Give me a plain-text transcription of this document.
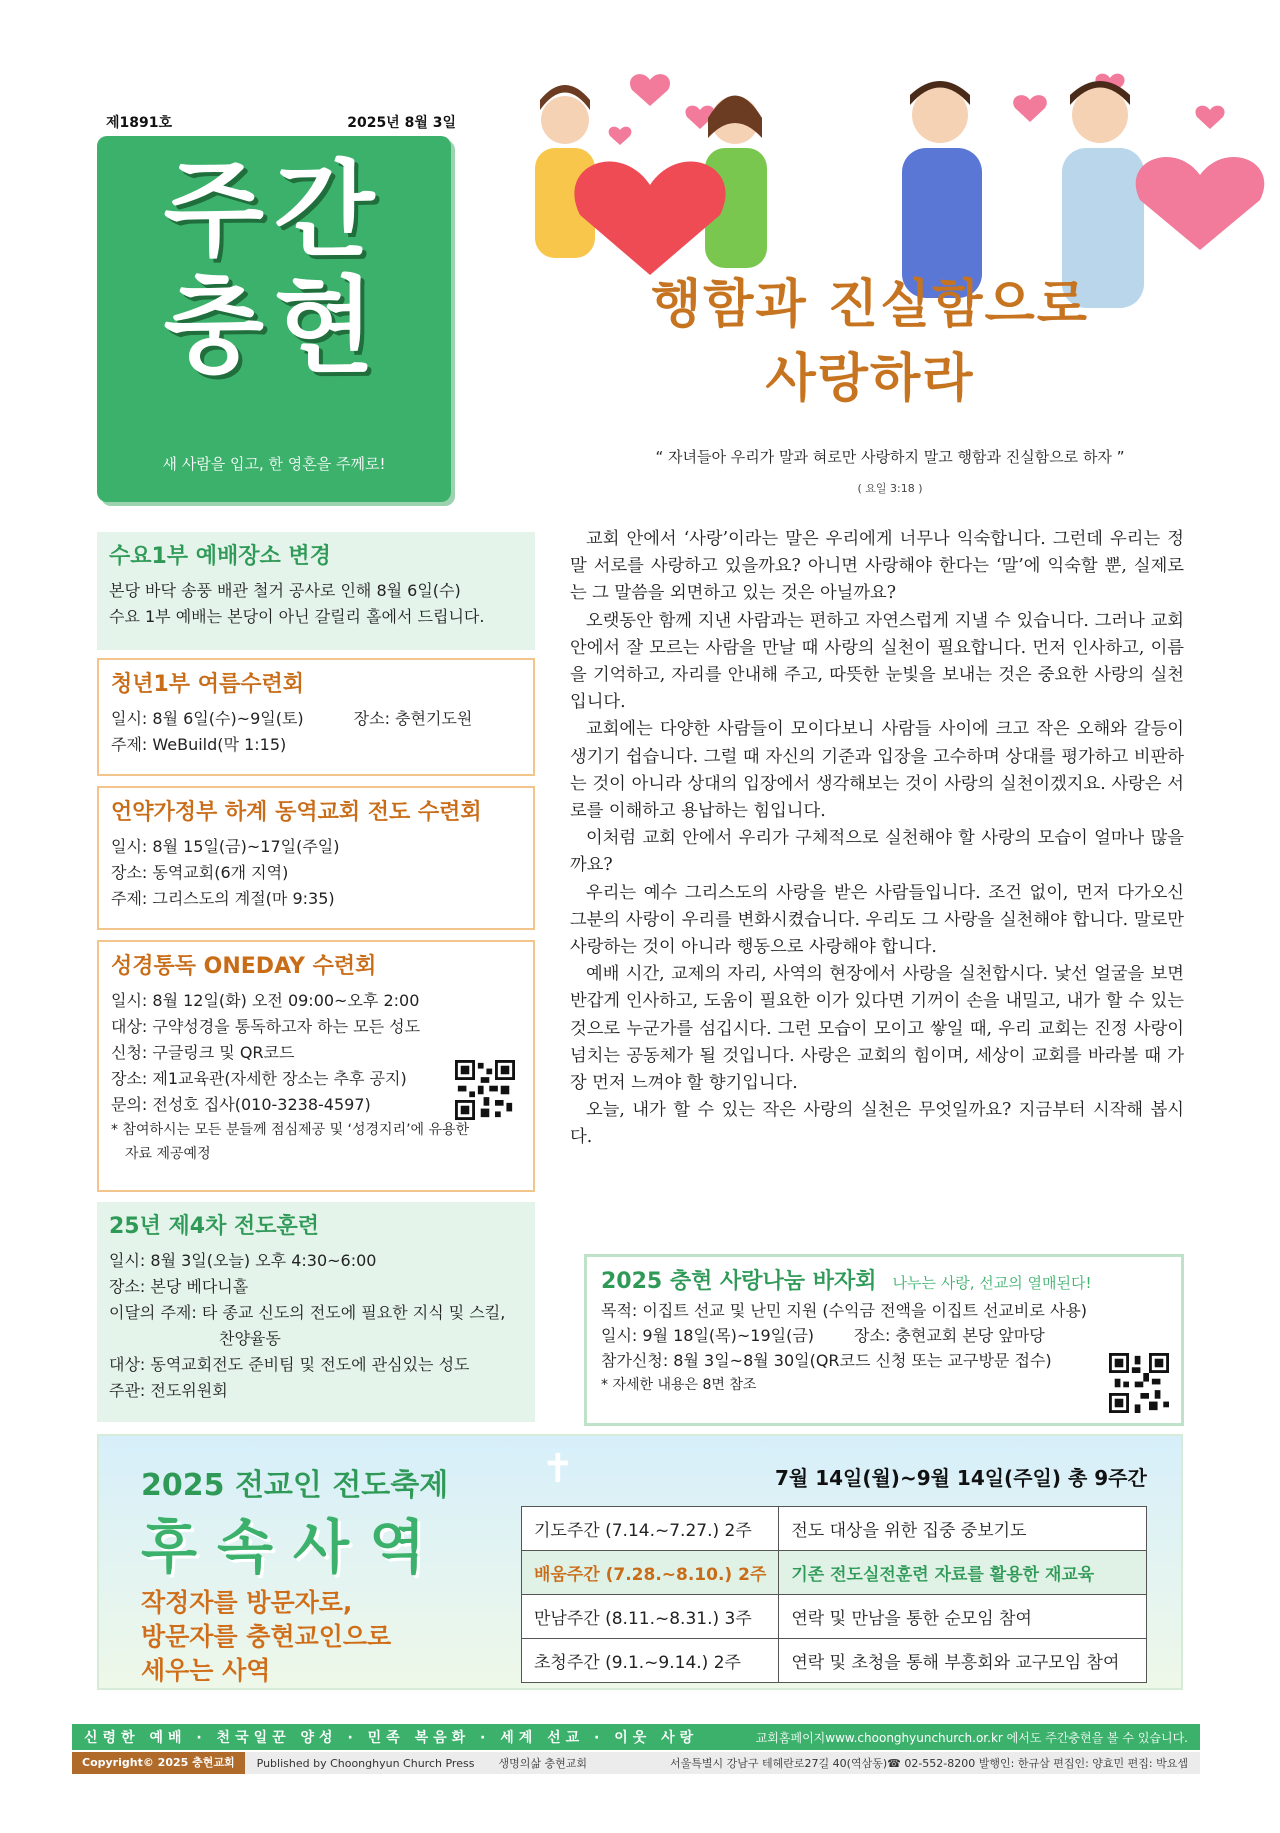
제1891호	2025년 8월 3일
주간
충현
새 사람을 입고, 한 영혼을 주께로!
행함과 진실함으로
사랑하라
“ 자녀들아 우리가 말과 혀로만 사랑하지 말고 행함과 진실함으로 하자 ”
( 요일 3:18 )

교회 안에서 ‘사랑’이라는 말은 우리에게 너무나 익숙합니다. 그런데 우리는 정말 서로를 사랑하고 있을까요? 아니면 사랑해야 한다는 ‘말’에 익숙할 뿐, 실제로는 그 말씀을 외면하고 있는 것은 아닐까요?

오랫동안 함께 지낸 사람과는 편하고 자연스럽게 지낼 수 있습니다. 그러나 교회 안에서 잘 모르는 사람을 만날 때 사랑의 실천이 필요합니다. 먼저 인사하고, 이름을 기억하고, 자리를 안내해 주고, 따뜻한 눈빛을 보내는 것은 중요한 사랑의 실천입니다.

교회에는 다양한 사람들이 모이다보니 사람들 사이에 크고 작은 오해와 갈등이 생기기 쉽습니다. 그럴 때 자신의 기준과 입장을 고수하며 상대를 평가하고 비판하는 것이 아니라 상대의 입장에서 생각해보는 것이 사랑의 실천이겠지요. 사랑은 서로를 이해하고 용납하는 힘입니다.

이처럼 교회 안에서 우리가 구체적으로 실천해야 할 사랑의 모습이 얼마나 많을까요?

우리는 예수 그리스도의 사랑을 받은 사람들입니다. 조건 없이, 먼저 다가오신 그분의 사랑이 우리를 변화시켰습니다. 우리도 그 사랑을 실천해야 합니다. 말로만 사랑하는 것이 아니라 행동으로 사랑해야 합니다.

예배 시간, 교제의 자리, 사역의 현장에서 사랑을 실천합시다. 낯선 얼굴을 보면 반갑게 인사하고, 도움이 필요한 이가 있다면 기꺼이 손을 내밀고, 내가 할 수 있는 것으로 누군가를 섬깁시다. 그런 모습이 모이고 쌓일 때, 우리 교회는 진정 사랑이 넘치는 공동체가 될 것입니다. 사랑은 교회의 힘이며, 세상이 교회를 바라볼 때 가장 먼저 느껴야 할 향기입니다.

오늘, 내가 할 수 있는 작은 사랑의 실천은 무엇일까요? 지금부터 시작해 봅시다.

수요1부 예배장소 변경
본당 바닥 송풍 배관 철거 공사로 인해 8월 6일(수)
수요 1부 예배는 본당이 아닌 갈릴리 홀에서 드립니다.
청년1부 여름수련회
일시: 8월 6일(수)~9일(토)	장소: 충현기도원
주제: WeBuild(막 1:15)
언약가정부 하계 동역교회 전도 수련회
일시: 8월 15일(금)~17일(주일)
장소: 동역교회(6개 지역)
주제: 그리스도의 계절(마 9:35)
성경통독 ONEDAY 수련회
일시: 8월 12일(화) 오전 09:00~오후 2:00
대상: 구약성경을 통독하고자 하는 모든 성도
신청: 구글링크 및 QR코드
장소: 제1교육관(자세한 장소는 추후 공지)
문의: 전성호 집사(010-3238-4597)
* 참여하시는 모든 분들께 점심제공 및 ‘성경지리’에 유용한
자료 제공예정
25년 제4차 전도훈련
일시: 8월 3일(오늘) 오후 4:30~6:00
장소: 본당 베다니홀
이달의 주제: 타 종교 신도의 전도에 필요한 지식 및 스킬,
찬양율동
대상: 동역교회전도 준비팀 및 전도에 관심있는 성도
주관: 전도위원회
2025 충현 사랑나눔 바자회 나누는 사랑, 선교의 열매된다!
목적: 이집트 선교 및 난민 지원 (수익금 전액을 이집트 선교비로 사용)
일시: 9월 18일(목)~19일(금)	장소: 충현교회 본당 앞마당
참가신청: 8월 3일~8월 30일(QR코드 신청 또는 교구방문 접수)
* 자세한 내용은 8면 참조
2025 전교인 전도축제
후속사역
작정자를 방문자로,
방문자를 충현교인으로
세우는 사역
✝	7월 14일(월)~9월 14일(주일) 총 9주간
기도주간 (7.14.~7.27.) 2주	전도 대상을 위한 집중 중보기도
배움주간 (7.28.~8.10.) 2주	기존 전도실전훈련 자료를 활용한 재교육
만남주간 (8.11.~8.31.) 3주	연락 및 만남을 통한 순모임 참여
초청주간 (9.1.~9.14.) 2주	연락 및 초청을 통해 부흥회와 교구모임 참여
신령한 예배 · 천국일꾼 양성 · 민족 복음화 · 세계 선교 · 이웃 사랑	교회홈페이지www.choonghyunchurch.or.kr 에서도 주간충현을 볼 수 있습니다.
Copyright© 2025 충현교회	Published by Choonghyun Church Press	생명의삶 충현교회	서울특별시 강남구 테헤란로27길 40(역삼동)☎ 02-552-8200 발행인: 한규삼 편집인: 양효민 편집: 박요셉
